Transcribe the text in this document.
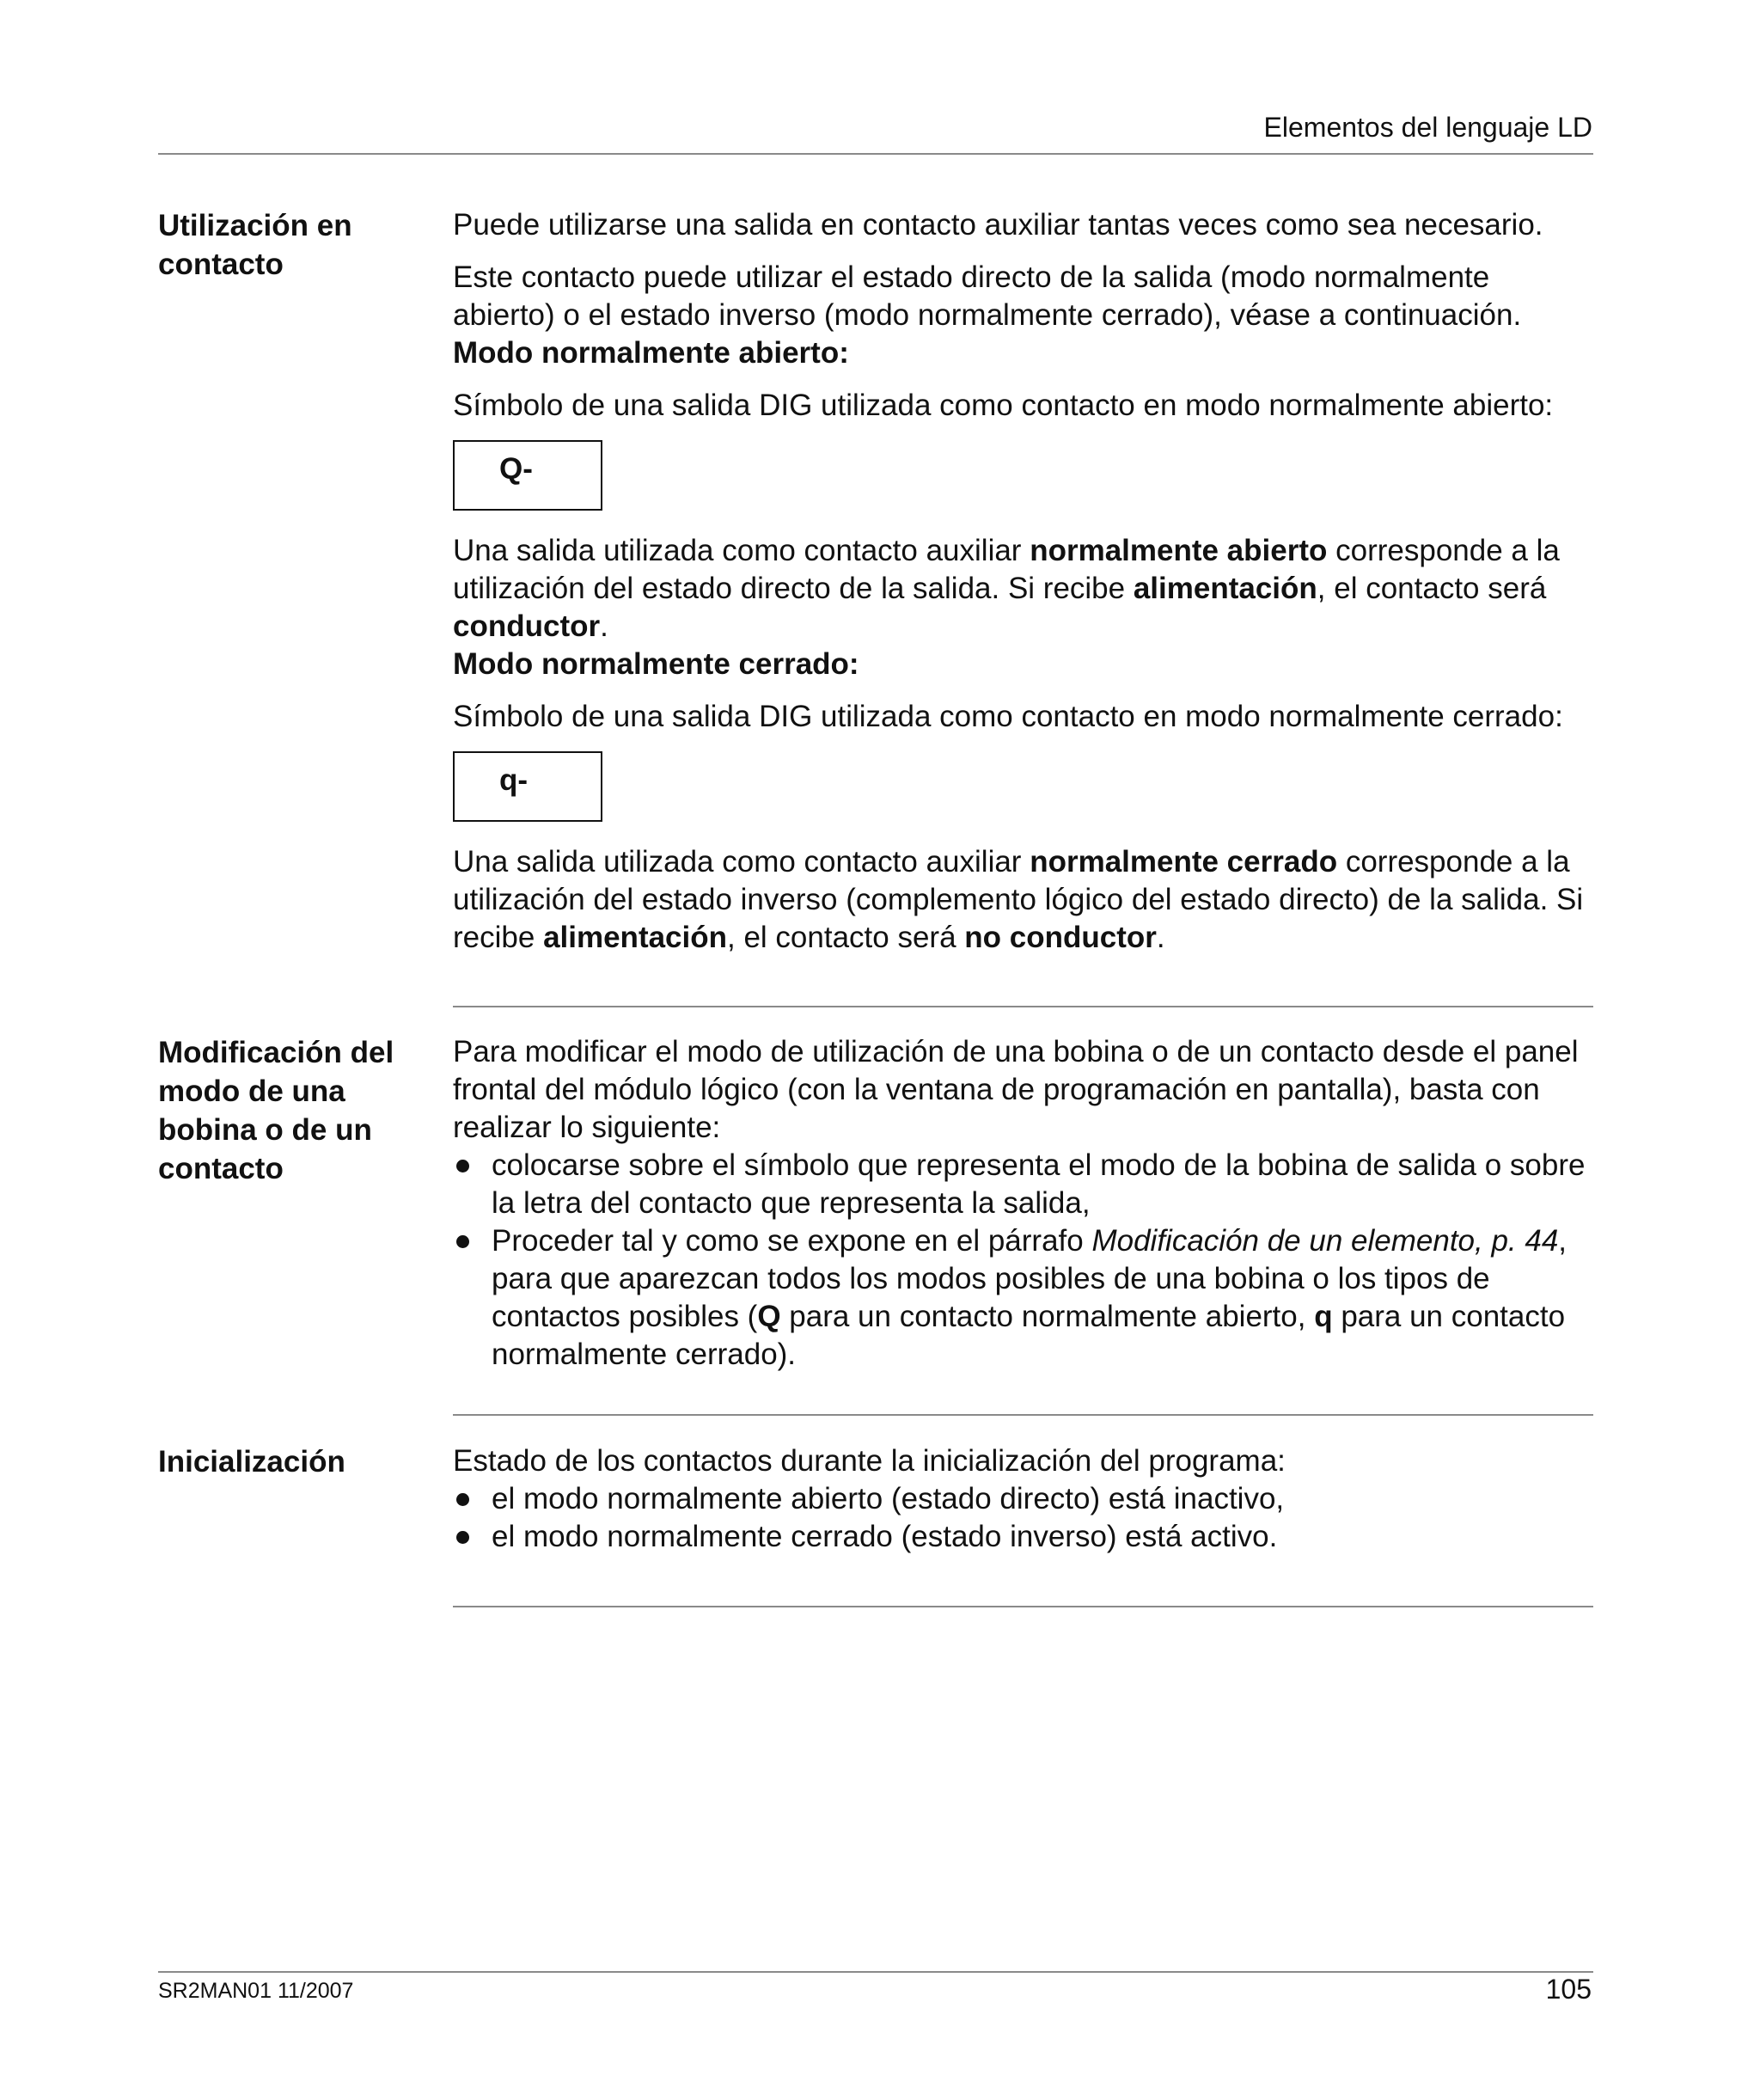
Elementos del lenguaje LD
Utilización en
contacto

Puede utilizarse una salida en contacto auxiliar tantas veces como sea necesario.

Este contacto puede utilizar el estado directo de la salida (modo normalmente abierto) o el estado inverso (modo normalmente cerrado), véase a continuación.

Modo normalmente abierto:

Símbolo de una salida DIG utilizada como contacto en modo normalmente abierto:

Q-

Una salida utilizada como contacto auxiliar normalmente abierto corresponde a la utilización del estado directo de la salida. Si recibe alimentación, el contacto será conductor.

Modo normalmente cerrado:

Símbolo de una salida DIG utilizada como contacto en modo normalmente cerrado:

q-

Una salida utilizada como contacto auxiliar normalmente cerrado corresponde a la utilización del estado inverso (complemento lógico del estado directo) de la salida. Si recibe alimentación, el contacto será no conductor.

Modificación del
modo de una
bobina o de un
contacto

Para modificar el modo de utilización de una bobina o de un contacto desde el panel frontal del módulo lógico (con la ventana de programación en pantalla), basta con realizar lo siguiente:

colocarse sobre el símbolo que representa el modo de la bobina de salida o sobre la letra del contacto que representa la salida,
Proceder tal y como se expone en el párrafo Modificación de un elemento, p. 44, para que aparezcan todos los modos posibles de una bobina o los tipos de contactos posibles (Q para un contacto normalmente abierto, q para un contacto normalmente cerrado).
Inicialización	Estado de los contactos durante la inicialización del programa:

el modo normalmente abierto (estado directo) está inactivo,
el modo normalmente cerrado (estado inverso) está activo.
SR2MAN01 11/2007	105
